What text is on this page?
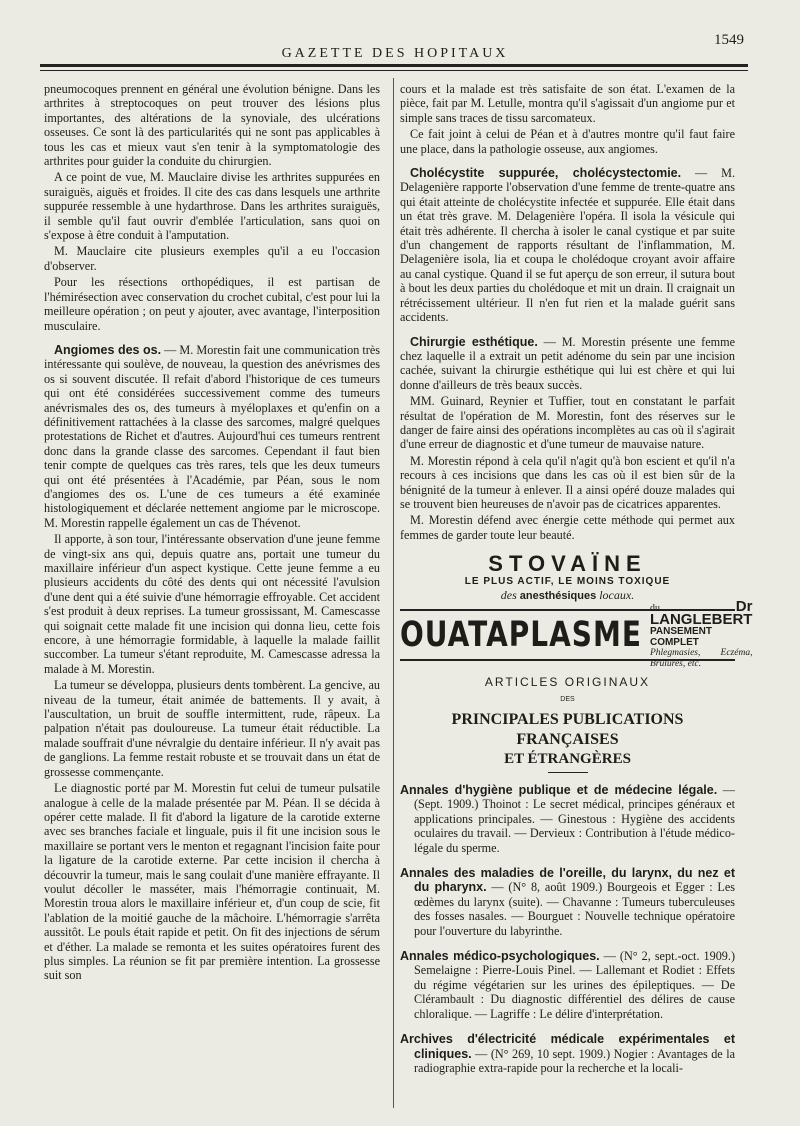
GAZETTE DES HOPITAUX
1549

pneumocoques prennent en général une évolution bénigne. Dans les arthrites à streptocoques on peut trouver des lésions plus importantes, des altérations de la synoviale, des ulcérations osseuses. Ce sont là des particularités qui ne sont pas applicables à tous les cas et mieux vaut s'en tenir à la symptomatologie des arthrites pour guider la conduite du chirurgien.

A ce point de vue, M. Mauclaire divise les arthrites suppurées en suraiguës, aiguës et froides. Il cite des cas dans lesquels une arthrite suppurée ressemble à une hydarthrose. Dans les arthrites suraiguës, il semble qu'il faut ouvrir d'emblée l'articulation, sans quoi on s'expose à être conduit à l'amputation.

M. Mauclaire cite plusieurs exemples qu'il a eu l'occasion d'observer.

Pour les résections orthopédiques, il est partisan de l'hémirésection avec conservation du crochet cubital, c'est pour lui la meilleure opération ; on peut y ajouter, avec avantage, l'interposition musculaire.

Angiomes des os. — M. Morestin fait une communication très intéressante qui soulève, de nouveau, la question des anévrismes des os si souvent discutée. Il refait d'abord l'historique de ces tumeurs qui ont été considérées successivement comme des tumeurs anévrismales des os, des tumeurs à myéloplaxes et qu'enfin on a définitivement rattachées à la classe des sarcomes, malgré quelques protestations de Richet et d'autres. Aujourd'hui ces tumeurs rentrent donc dans la grande classe des sarcomes. Cependant il faut bien tenir compte de quelques cas très rares, tels que les deux tumeurs qui ont été présentées à l'Académie, par Péan, sous le nom d'angiomes des os. L'une de ces tumeurs a été examinée histologiquement et déclarée nettement angiome par le microscope. M. Morestin rappelle également un cas de Thévenot.

Il apporte, à son tour, l'intéressante observation d'une jeune femme de vingt-six ans qui, depuis quatre ans, portait une tumeur du maxillaire inférieur d'un aspect kystique. Cette jeune femme a eu plusieurs accidents du côté des dents qui ont nécessité l'avulsion d'une dent qui a été suivie d'une hémorragie effroyable. Cet accident s'est produit à deux reprises. La tumeur grossissant, M. Camescasse qui soignait cette malade fit une incision qui donna lieu, cette fois encore, à une hémorragie formidable, à laquelle la malade faillit succomber. La tumeur s'étant reproduite, M. Camescasse adressa la malade à M. Morestin.

La tumeur se développa, plusieurs dents tombèrent. La gencive, au niveau de la tumeur, était animée de battements. Il y avait, à l'auscultation, un bruit de souffle intermittent, rude, râpeux. La palpation n'était pas douloureuse. La tumeur était réductible. La malade souffrait d'une névralgie du dentaire inférieur. Il n'y avait pas de ganglions. La femme restait robuste et se trouvait dans un état de grossesse commençante.

Le diagnostic porté par M. Morestin fut celui de tumeur pulsatile analogue à celle de la malade présentée par M. Péan. Il se décida à opérer cette malade. Il fit d'abord la ligature de la carotide externe avec ses branches faciale et linguale, puis il fit une incision sous le maxillaire se portant vers le menton et regagnant l'incision faite pour la ligature de la carotide externe. Par cette incision il chercha à découvrir la tumeur, mais le sang coulait d'une manière effrayante. Il voulut décoller le masséter, mais l'hémorragie continuait, M. Morestin troua alors le maxillaire inférieur et, d'un coup de scie, fit l'ablation de la moitié gauche de la mâchoire. L'hémorragie s'arrêta aussitôt. Le pouls était rapide et petit. On fit des injections de sérum et d'éther. La malade se remonta et les suites opératoires furent des plus simples. La réunion se fit par première intention. La grossesse suit son

cours et la malade est très satisfaite de son état. L'examen de la pièce, fait par M. Letulle, montra qu'il s'agissait d'un angiome pur et simple sans traces de tissu sarcomateux.

Ce fait joint à celui de Péan et à d'autres montre qu'il faut faire une place, dans la pathologie osseuse, aux angiomes.

Cholécystite suppurée, cholécystectomie. — M. Delagenière rapporte l'observation d'une femme de trente-quatre ans qui était atteinte de cholécystite infectée et suppurée. Elle était dans un état très grave. M. Delagenière l'opéra. Il isola la vésicule qui était très adhérente. Il chercha à isoler le canal cystique et par suite d'un changement de rapports résultant de l'inflammation, M. Delagenière isola, lia et coupa le cholédoque croyant avoir affaire au canal cystique. Quand il se fut aperçu de son erreur, il sutura bout à bout les deux parties du cholédoque et mit un drain. Il craignait un rétrécissement ultérieur. Il n'en fut rien et la malade guérit sans accidents.

Chirurgie esthétique. — M. Morestin présente une femme chez laquelle il a extrait un petit adénome du sein par une incision cachée, suivant la chirurgie esthétique qui lui est chère et qui lui donne d'ailleurs de très beaux succès.

MM. Guinard, Reynier et Tuffier, tout en constatant le parfait résultat de l'opération de M. Morestin, font des réserves sur le danger de faire ainsi des opérations incomplètes au cas où il s'agirait d'une erreur de diagnostic et d'une tumeur de mauvaise nature.

M. Morestin répond à cela qu'il n'agit qu'à bon escient et qu'il n'a recours à ces incisions que dans les cas où il est bien sûr de la bénignité de la tumeur à enlever. Il a ainsi opéré douze malades qui se trouvent bien heureuses de n'avoir pas de cicatrices apparentes.

M. Morestin défend avec énergie cette méthode qui permet aux femmes de garder toute leur beauté.

STOVAÏNE
LE PLUS ACTIF, LE MOINS TOXIQUE
des anesthésiques locaux.
OUATAPLASME
du	Dr LANGLEBERT
PANSEMENT COMPLET
Phlegmasies, Eczéma, Brûlures, etc.
ARTICLES ORIGINAUX
DES
PRINCIPALES PUBLICATIONS FRANÇAISES
ET ÉTRANGÈRES

Annales d'hygiène publique et de médecine légale. — (Sept. 1909.) Thoinot : Le secret médical, principes généraux et applications principales. — Ginestous : Hygiène des accidents oculaires du travail. — Dervieux : Contribution à l'étude médico-légale du sperme.

Annales des maladies de l'oreille, du larynx, du nez et du pharynx. — (N° 8, août 1909.) Bourgeois et Egger : Les œdèmes du larynx (suite). — Chavanne : Tumeurs tuberculeuses des fosses nasales. — Bourguet : Nouvelle technique opératoire pour l'ouverture du labyrinthe.

Annales médico-psychologiques. — (N° 2, sept.-oct. 1909.) Semelaigne : Pierre-Louis Pinel. — Lallemant et Rodiet : Effets du régime végétarien sur les urines des épileptiques. — De Clérambault : Du diagnostic différentiel des délires de cause chloralique. — Lagriffe : Le délire d'interprétation.

Archives d'électricité médicale expérimentales et cliniques. — (N° 269, 10 sept. 1909.) Nogier : Avantages de la radiographie extra-rapide pour la recherche et la locali-
